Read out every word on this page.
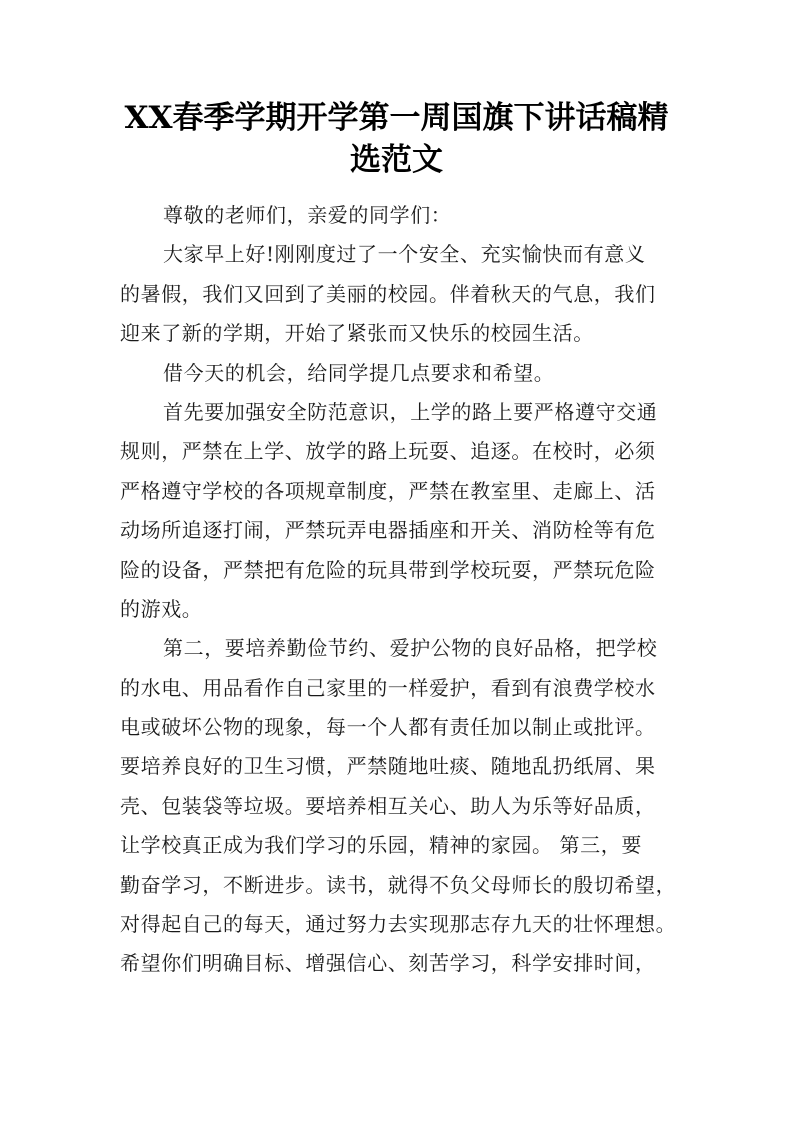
XX春季学期开学第一周国旗下讲话稿精
选范文
尊敬的老师们，亲爱的同学们：
大家早上好!刚刚度过了一个安全、充实愉快而有意义
的暑假，我们又回到了美丽的校园。伴着秋天的气息，我们
迎来了新的学期，开始了紧张而又快乐的校园生活。
借今天的机会，给同学提几点要求和希望。
首先要加强安全防范意识，上学的路上要严格遵守交通
规则，严禁在上学、放学的路上玩耍、追逐。在校时，必须
严格遵守学校的各项规章制度，严禁在教室里、走廊上、活
动场所追逐打闹，严禁玩弄电器插座和开关、消防栓等有危
险的设备，严禁把有危险的玩具带到学校玩耍，严禁玩危险
的游戏。
第二，要培养勤俭节约、爱护公物的良好品格，把学校
的水电、用品看作自己家里的一样爱护，看到有浪费学校水
电或破坏公物的现象，每一个人都有责任加以制止或批评。
要培养良好的卫生习惯，严禁随地吐痰、随地乱扔纸屑、果
壳、包装袋等垃圾。要培养相互关心、助人为乐等好品质，
让学校真正成为我们学习的乐园，精神的家园。 第三，要
勤奋学习，不断进步。读书，就得不负父母师长的殷切希望，
对得起自己的每天，通过努力去实现那志存九天的壮怀理想。
希望你们明确目标、增强信心、刻苦学习，科学安排时间，
